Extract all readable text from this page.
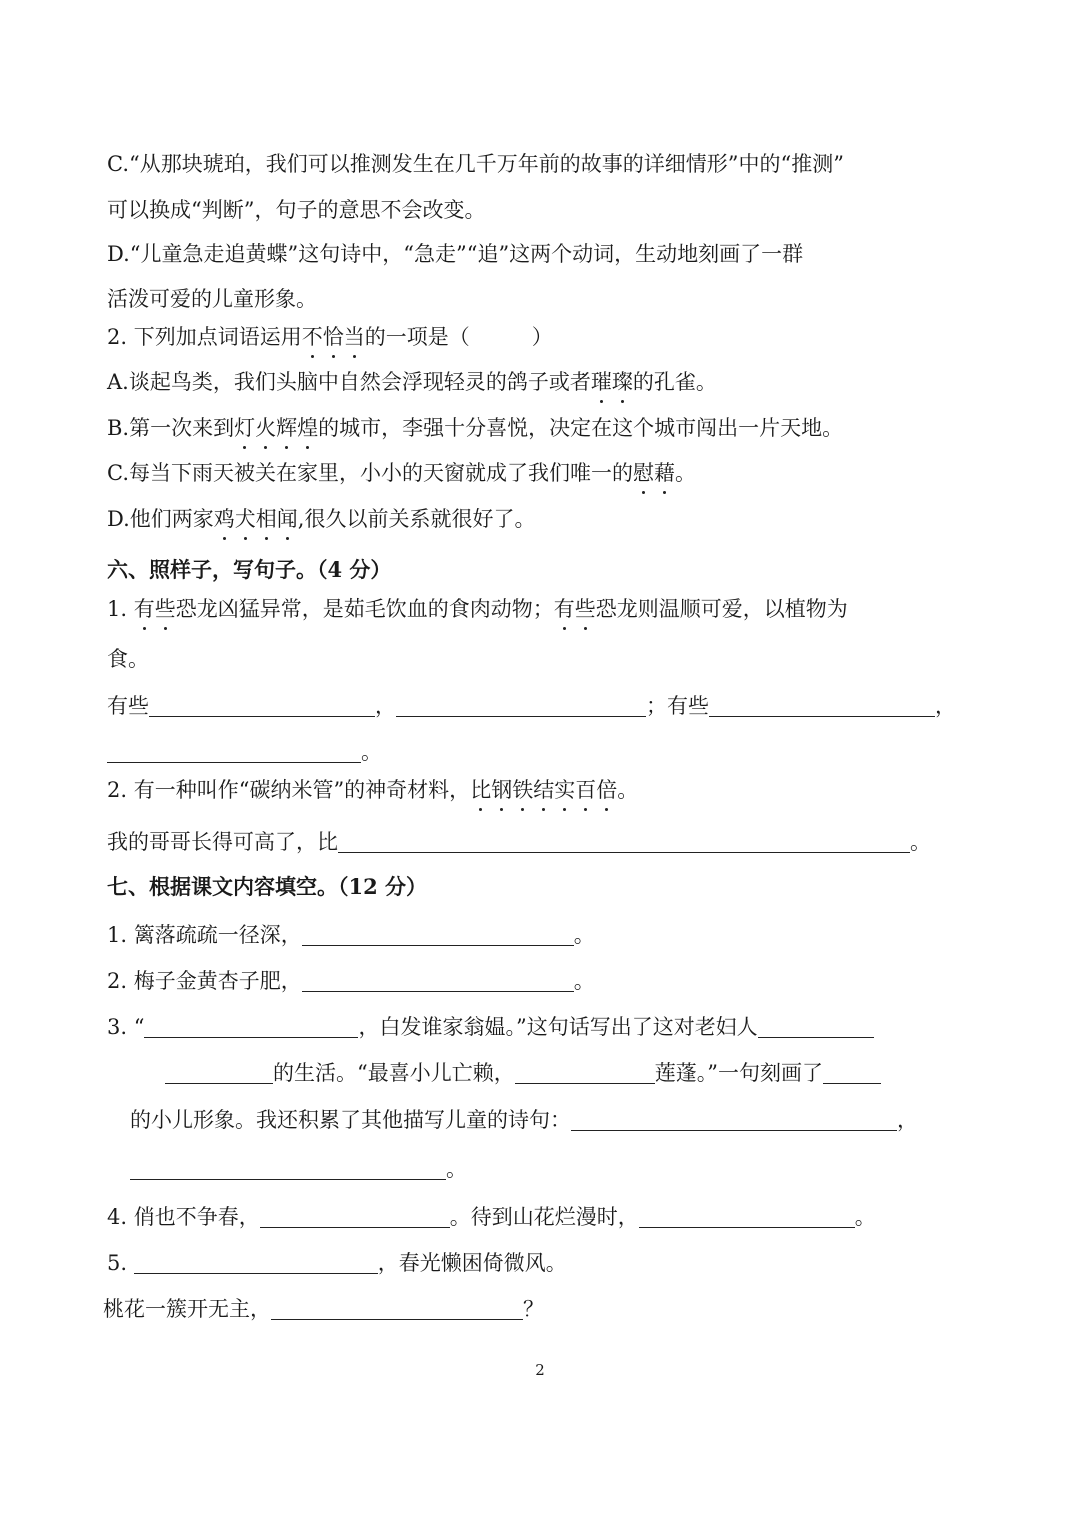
C.“从那块琥珀，我们可以推测发生在几千万年前的故事的详细情形”中的“推测”
可以换成“判断”，句子的意思不会改变。
D.“儿童急走追黄蝶”这句诗中，“急走”“追”这两个动词，生动地刻画了一群
活泼可爱的儿童形象。
2. 下列加点词语运用不恰当的一项是（	）
A.谈起鸟类，我们头脑中自然会浮现轻灵的鸽子或者璀璨的孔雀。
B.第一次来到灯火辉煌的城市，李强十分喜悦，决定在这个城市闯出一片天地。
C.每当下雨天被关在家里，小小的天窗就成了我们唯一的慰藉。
D.他们两家鸡犬相闻,很久以前关系就很好了。
六、照样子，写句子。（4 分）
1. 有些恐龙凶猛异常，是茹毛饮血的食肉动物；有些恐龙则温顺可爱，以植物为
食。
有些	，	；有些	，
。
2. 有一种叫作“碳纳米管”的神奇材料，比钢铁结实百倍。
我的哥哥长得可高了，比	。
七、根据课文内容填空。（12 分）
1. 篱落疏疏一径深，	。
2. 梅子金黄杏子肥，	。
3. “	，白发谁家翁媪。”这句话写出了这对老妇人
的生活。“最喜小儿亡赖，	莲蓬。”一句刻画了
的小儿形象。我还积累了其他描写儿童的诗句：	，
。
4. 俏也不争春，	。待到山花烂漫时，	。
5.	，春光懒困倚微风。
桃花一簇开无主，	？
2
